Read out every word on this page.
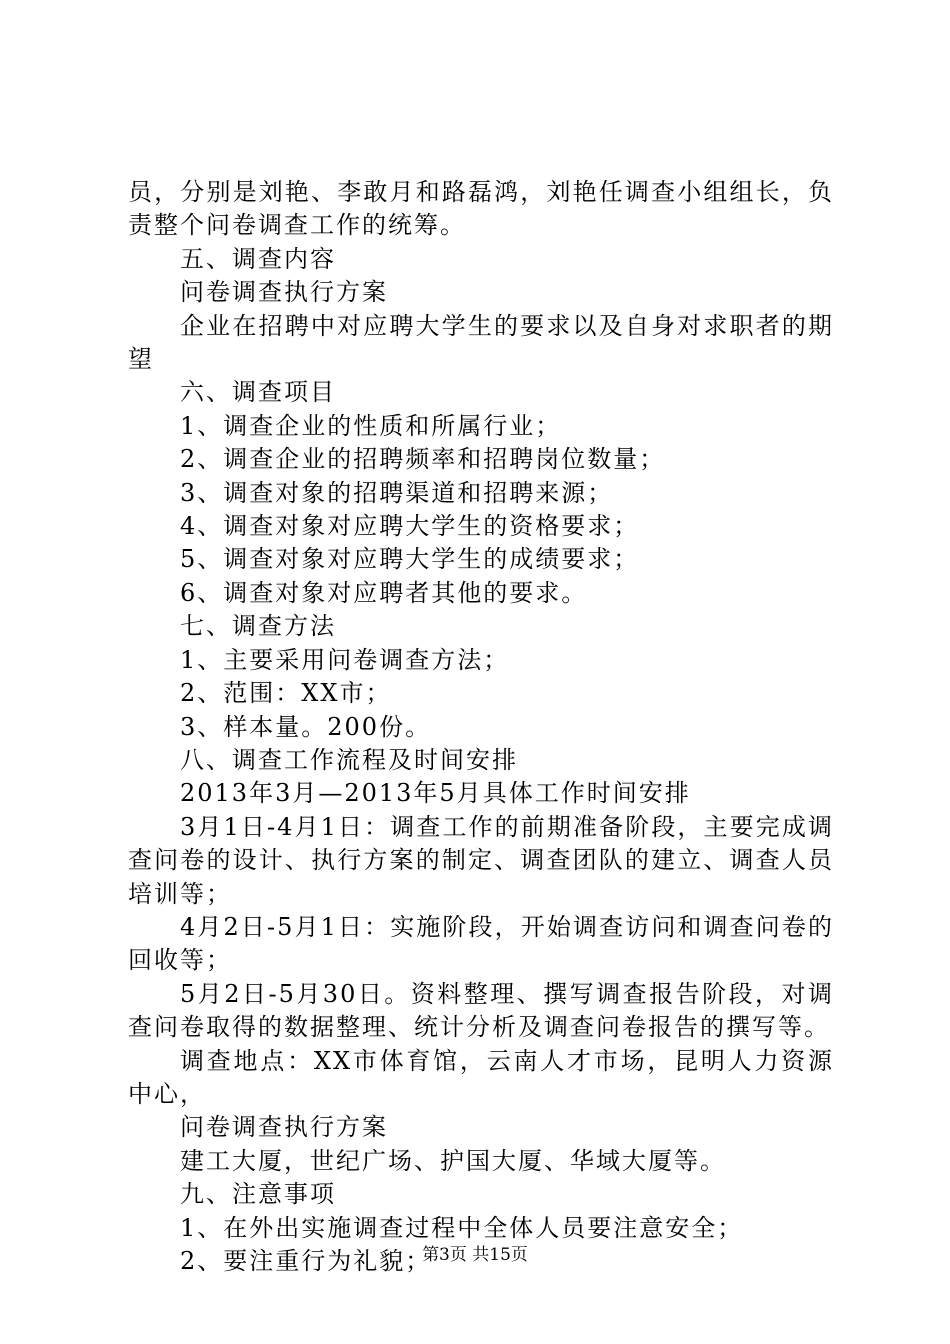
员，分别是刘艳、李敢月和路磊鸿，刘艳任调查小组组长，负责整个问卷调查工作的统筹。

五、调查内容

问卷调查执行方案

企业在招聘中对应聘大学生的要求以及自身对求职者的期望

六、调查项目

1、调查企业的性质和所属行业；

2、调查企业的招聘频率和招聘岗位数量；

3、调查对象的招聘渠道和招聘来源；

4、调查对象对应聘大学生的资格要求；

5、调查对象对应聘大学生的成绩要求；

6、调查对象对应聘者其他的要求。

七、调查方法

1、主要采用问卷调查方法；

2、范围：XX市；

3、样本量。200份。

八、调查工作流程及时间安排

2013年3月—2013年5月具体工作时间安排

3月1日-4月1日：调查工作的前期准备阶段，主要完成调查问卷的设计、执行方案的制定、调查团队的建立、调查人员培训等；

4月2日-5月1日：实施阶段，开始调查访问和调查问卷的回收等；

5月2日-5月30日。资料整理、撰写调查报告阶段，对调查问卷取得的数据整理、统计分析及调查问卷报告的撰写等。

调查地点：XX市体育馆，云南人才市场，昆明人力资源中心，

问卷调查执行方案

建工大厦，世纪广场、护国大厦、华域大厦等。

九、注意事项

1、在外出实施调查过程中全体人员要注意安全；

2、要注重行为礼貌；

第3页 共15页
